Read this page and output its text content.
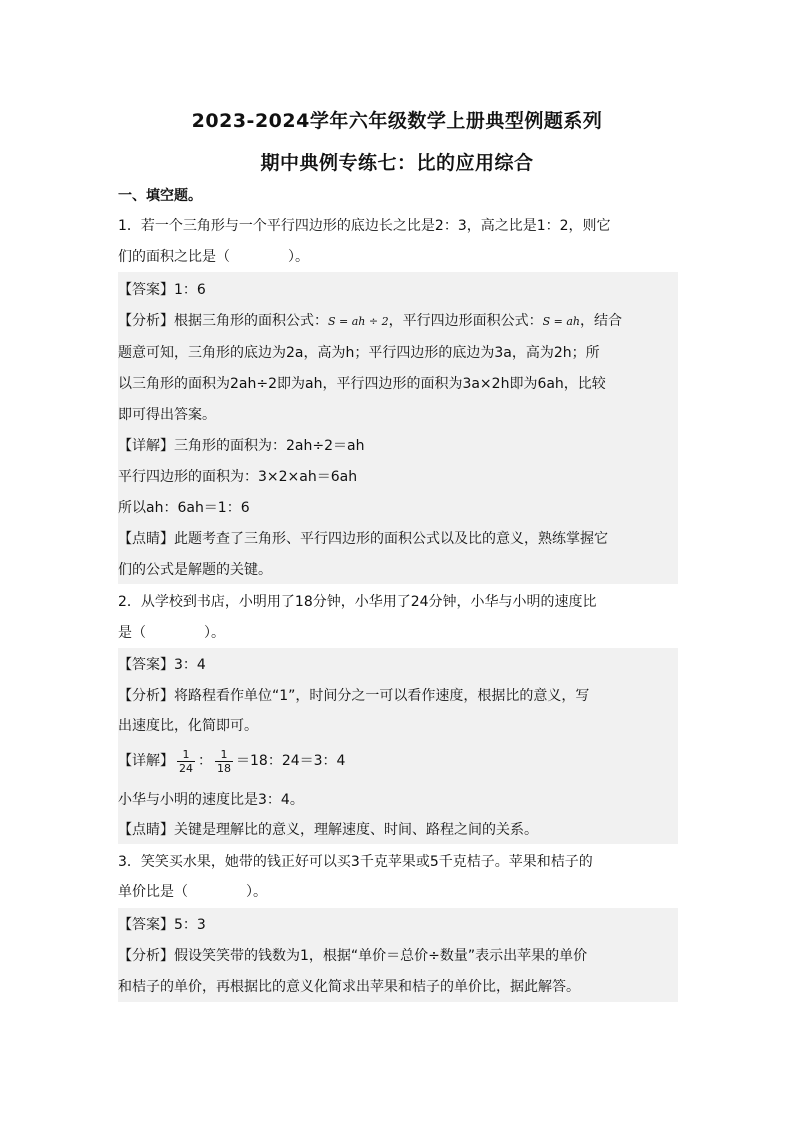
2023-2024学年六年级数学上册典型例题系列
期中典例专练七：比的应用综合
一、填空题。
1．若一个三角形与一个平行四边形的底边长之比是2：3，高之比是1：2，则它
们的面积之比是（	）。
【答案】1：6
【分析】根据三角形的面积公式：S = ah ÷ 2，平行四边形面积公式：S = ah，结合
题意可知，三角形的底边为2a，高为h；平行四边形的底边为3a，高为2h；所
以三角形的面积为2ah÷2即为ah，平行四边形的面积为3a×2h即为6ah，比较
即可得出答案。
【详解】三角形的面积为：2ah÷2＝ah
平行四边形的面积为：3×2×ah＝6ah
所以ah：6ah＝1：6
【点睛】此题考查了三角形、平行四边形的面积公式以及比的意义，熟练掌握它
们的公式是解题的关键。
2．从学校到书店，小明用了18分钟，小华用了24分钟，小华与小明的速度比
是（	）。
【答案】3：4
【分析】将路程看作单位“1”，时间分之一可以看作速度，根据比的意义，写
出速度比，化简即可。
【详解】 $\frac{1}{24}$ ： $\frac{1}{18} =18$：24＝3：4
小华与小明的速度比是3：4。
【点睛】关键是理解比的意义，理解速度、时间、路程之间的关系。
3．笑笑买水果，她带的钱正好可以买3千克苹果或5千克桔子。苹果和桔子的
单价比是（	）。
【答案】5：3
【分析】假设笑笑带的钱数为1，根据“单价＝总价÷数量”表示出苹果的单价
和桔子的单价，再根据比的意义化简求出苹果和桔子的单价比，据此解答。
